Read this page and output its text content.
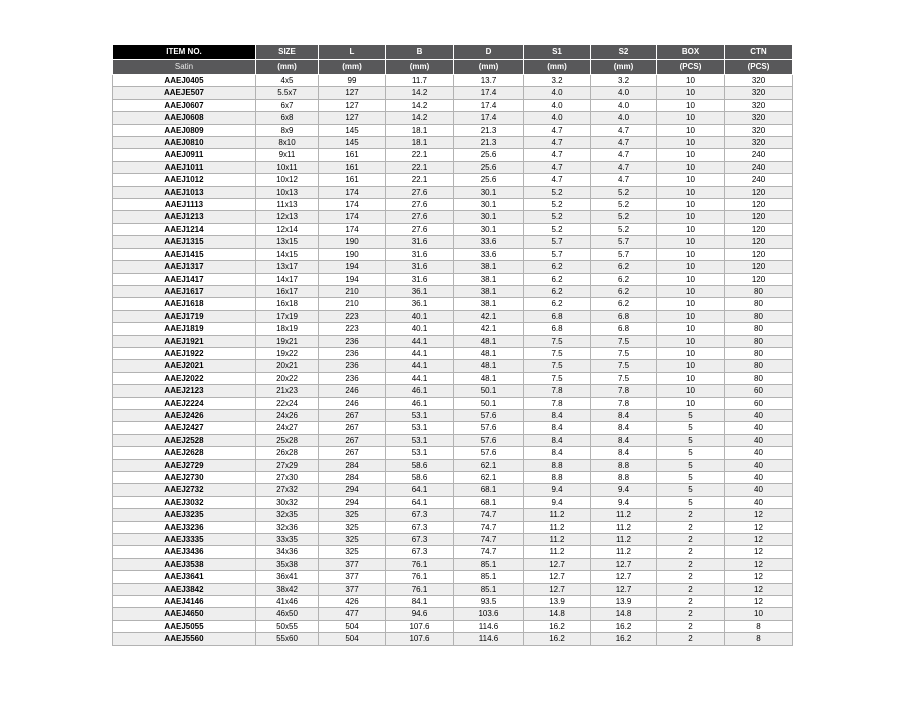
ITEM NO.	SIZE	L	B	D	S1	S2	BOX	CTN
Satin	(mm)	(mm)	(mm)	(mm)	(mm)	(mm)	(PCS)	(PCS)
AAEJ0405	4x5	99	11.7	13.7	3.2	3.2	10	320
AAEJE507	5.5x7	127	14.2	17.4	4.0	4.0	10	320
AAEJ0607	6x7	127	14.2	17.4	4.0	4.0	10	320
AAEJ0608	6x8	127	14.2	17.4	4.0	4.0	10	320
AAEJ0809	8x9	145	18.1	21.3	4.7	4.7	10	320
AAEJ0810	8x10	145	18.1	21.3	4.7	4.7	10	320
AAEJ0911	9x11	161	22.1	25.6	4.7	4.7	10	240
AAEJ1011	10x11	161	22.1	25.6	4.7	4.7	10	240
AAEJ1012	10x12	161	22.1	25.6	4.7	4.7	10	240
AAEJ1013	10x13	174	27.6	30.1	5.2	5.2	10	120
AAEJ1113	11x13	174	27.6	30.1	5.2	5.2	10	120
AAEJ1213	12x13	174	27.6	30.1	5.2	5.2	10	120
AAEJ1214	12x14	174	27.6	30.1	5.2	5.2	10	120
AAEJ1315	13x15	190	31.6	33.6	5.7	5.7	10	120
AAEJ1415	14x15	190	31.6	33.6	5.7	5.7	10	120
AAEJ1317	13x17	194	31.6	38.1	6.2	6.2	10	120
AAEJ1417	14x17	194	31.6	38.1	6.2	6.2	10	120
AAEJ1617	16x17	210	36.1	38.1	6.2	6.2	10	80
AAEJ1618	16x18	210	36.1	38.1	6.2	6.2	10	80
AAEJ1719	17x19	223	40.1	42.1	6.8	6.8	10	80
AAEJ1819	18x19	223	40.1	42.1	6.8	6.8	10	80
AAEJ1921	19x21	236	44.1	48.1	7.5	7.5	10	80
AAEJ1922	19x22	236	44.1	48.1	7.5	7.5	10	80
AAEJ2021	20x21	236	44.1	48.1	7.5	7.5	10	80
AAEJ2022	20x22	236	44.1	48.1	7.5	7.5	10	80
AAEJ2123	21x23	246	46.1	50.1	7.8	7.8	10	60
AAEJ2224	22x24	246	46.1	50.1	7.8	7.8	10	60
AAEJ2426	24x26	267	53.1	57.6	8.4	8.4	5	40
AAEJ2427	24x27	267	53.1	57.6	8.4	8.4	5	40
AAEJ2528	25x28	267	53.1	57.6	8.4	8.4	5	40
AAEJ2628	26x28	267	53.1	57.6	8.4	8.4	5	40
AAEJ2729	27x29	284	58.6	62.1	8.8	8.8	5	40
AAEJ2730	27x30	284	58.6	62.1	8.8	8.8	5	40
AAEJ2732	27x32	294	64.1	68.1	9.4	9.4	5	40
AAEJ3032	30x32	294	64.1	68.1	9.4	9.4	5	40
AAEJ3235	32x35	325	67.3	74.7	11.2	11.2	2	12
AAEJ3236	32x36	325	67.3	74.7	11.2	11.2	2	12
AAEJ3335	33x35	325	67.3	74.7	11.2	11.2	2	12
AAEJ3436	34x36	325	67.3	74.7	11.2	11.2	2	12
AAEJ3538	35x38	377	76.1	85.1	12.7	12.7	2	12
AAEJ3641	36x41	377	76.1	85.1	12.7	12.7	2	12
AAEJ3842	38x42	377	76.1	85.1	12.7	12.7	2	12
AAEJ4146	41x46	426	84.1	93.5	13.9	13.9	2	12
AAEJ4650	46x50	477	94.6	103.6	14.8	14.8	2	10
AAEJ5055	50x55	504	107.6	114.6	16.2	16.2	2	8
AAEJ5560	55x60	504	107.6	114.6	16.2	16.2	2	8
